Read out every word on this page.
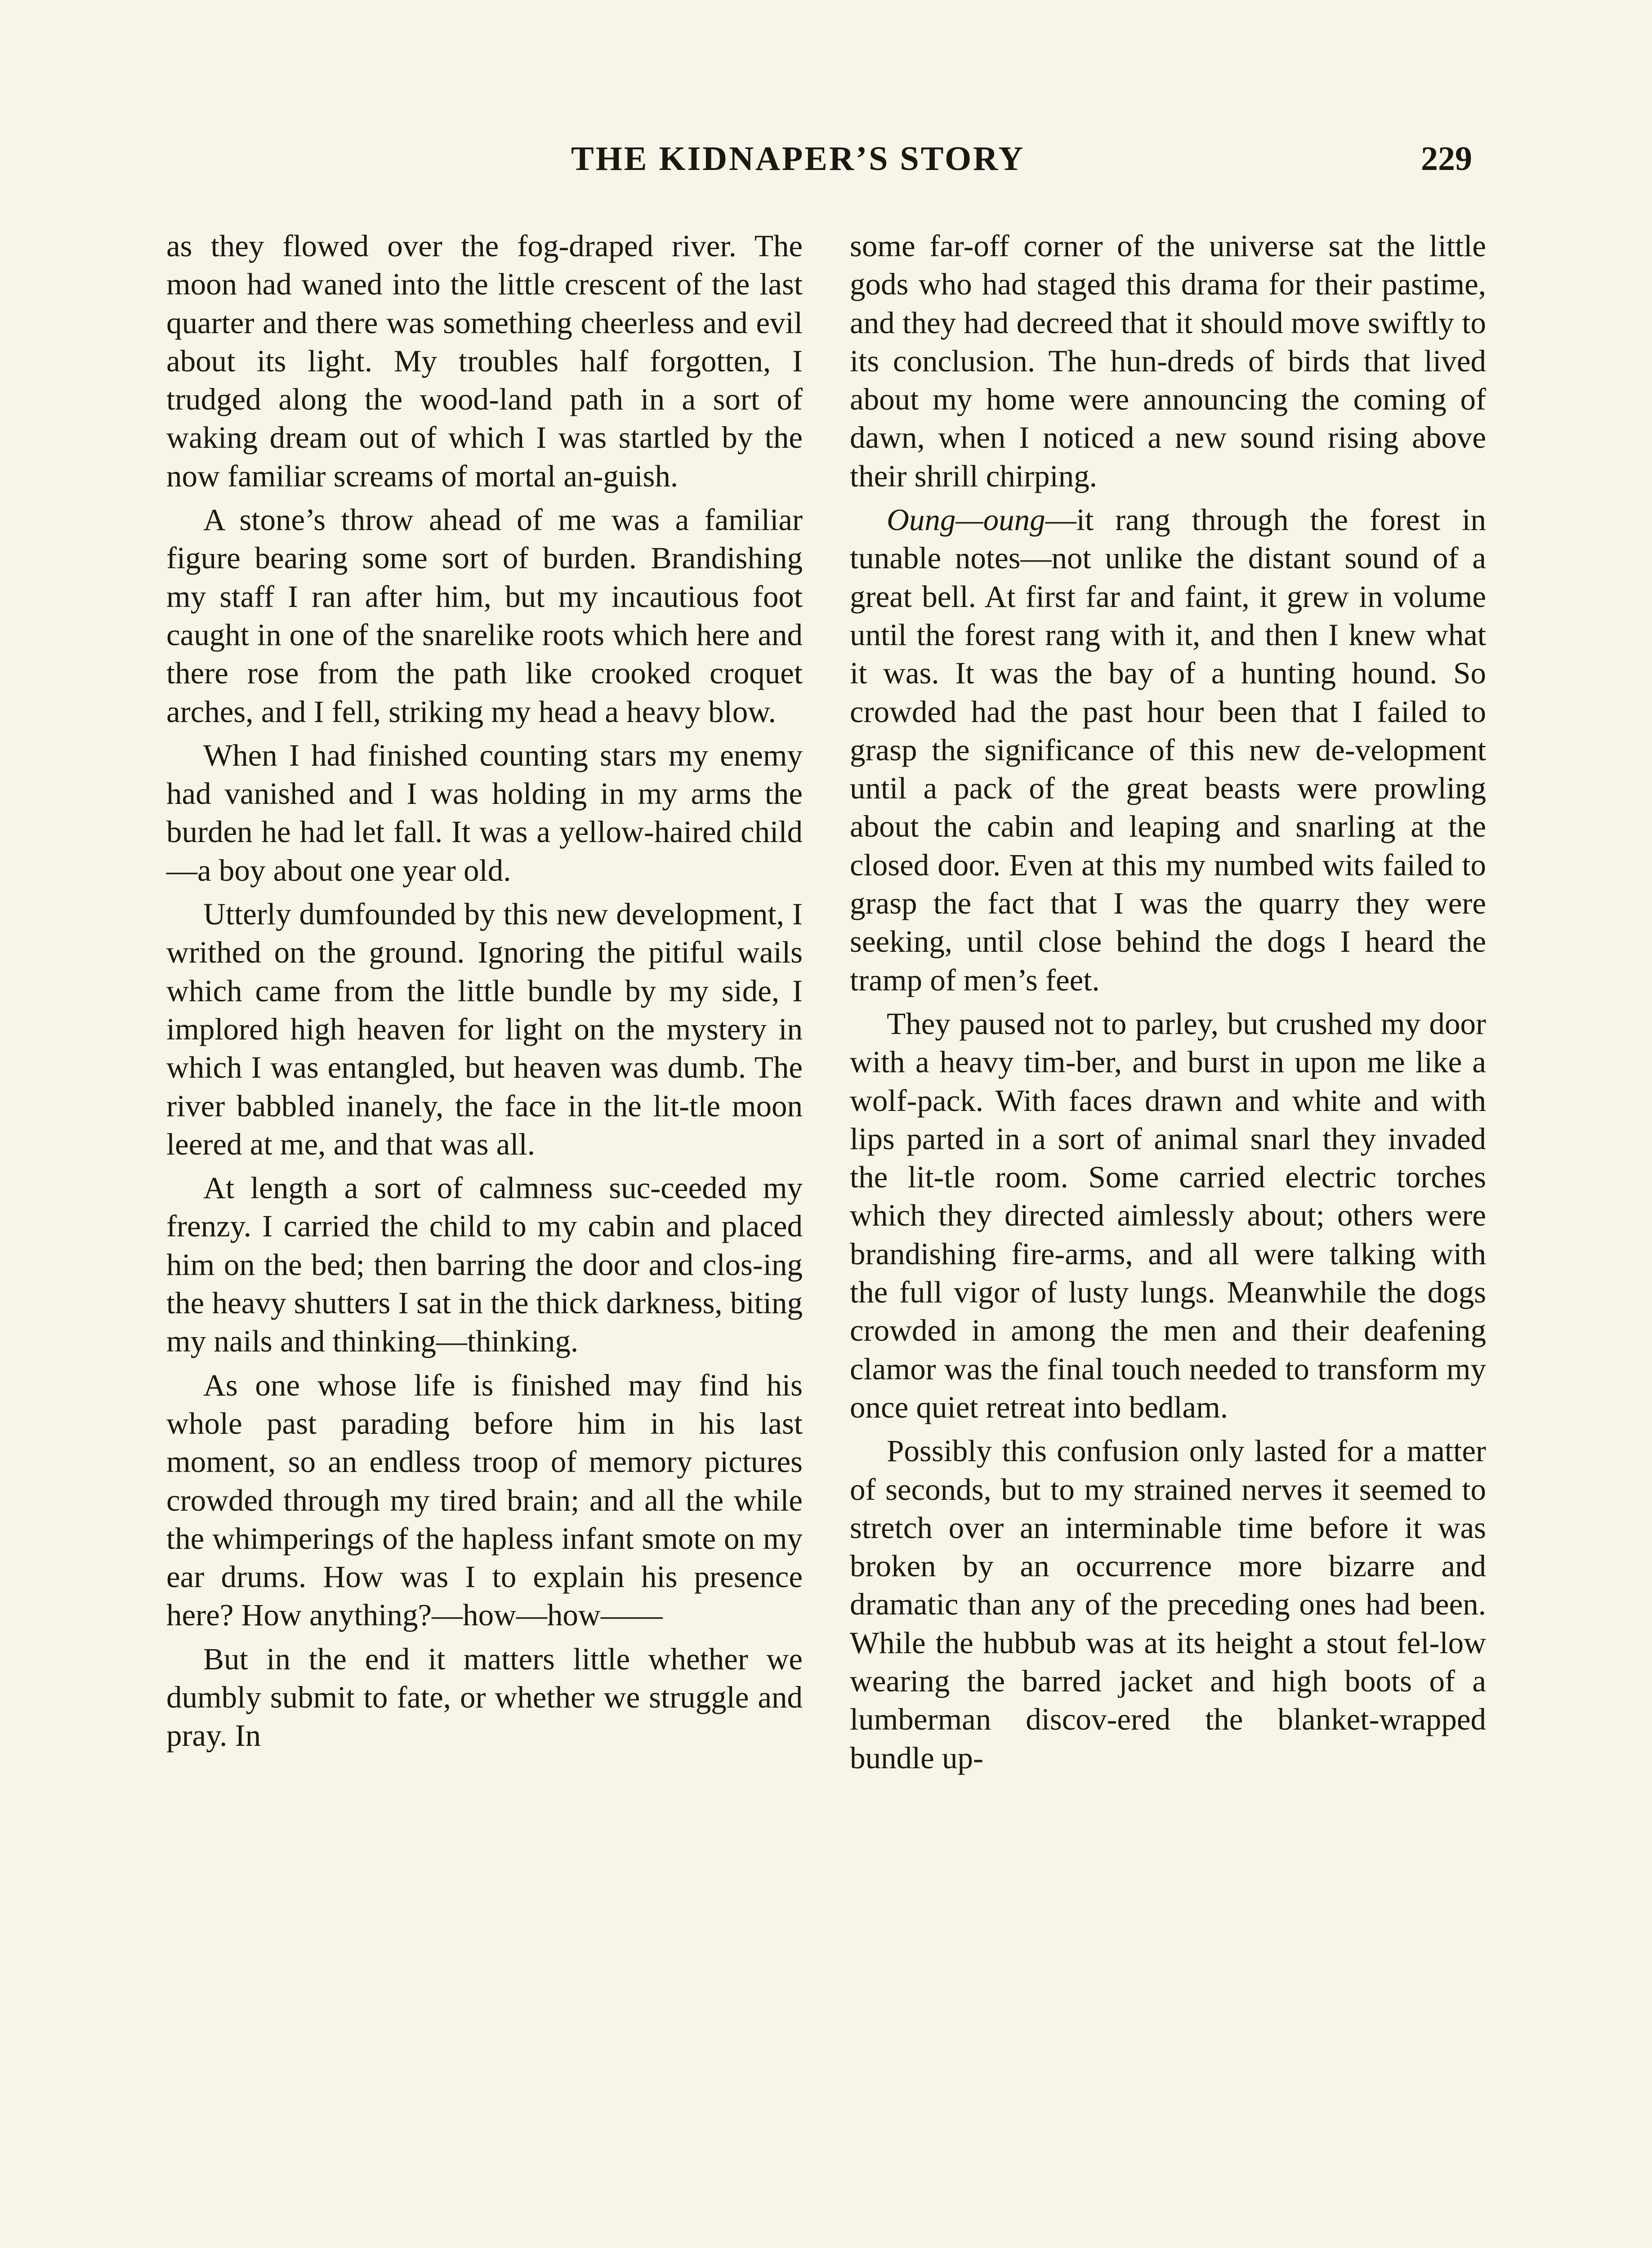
THE KIDNAPER’S STORY	229

as they flowed over the fog-draped river. The moon had waned into the little crescent of the last quarter and there was something cheerless and evil about its light. My troubles half forgotten, I trudged along the wood-land path in a sort of waking dream out of which I was startled by the now familiar screams of mortal an-guish.

A stone’s throw ahead of me was a familiar figure bearing some sort of burden. Brandishing my staff I ran after him, but my incautious foot caught in one of the snarelike roots which here and there rose from the path like crooked croquet arches, and I fell, striking my head a heavy blow.

When I had finished counting stars my enemy had vanished and I was holding in my arms the burden he had let fall. It was a yellow-haired child—a boy about one year old.

Utterly dumfounded by this new development, I writhed on the ground. Ignoring the pitiful wails which came from the little bundle by my side, I implored high heaven for light on the mystery in which I was entangled, but heaven was dumb. The river babbled inanely, the face in the lit-tle moon leered at me, and that was all.

At length a sort of calmness suc-ceeded my frenzy. I carried the child to my cabin and placed him on the bed; then barring the door and clos-ing the heavy shutters I sat in the thick darkness, biting my nails and thinking—thinking.

As one whose life is finished may find his whole past parading before him in his last moment, so an endless troop of memory pictures crowded through my tired brain; and all the while the whimperings of the hapless infant smote on my ear drums. How was I to explain his presence here? How anything?—how—how——

But in the end it matters little whether we dumbly submit to fate, or whether we struggle and pray. In

some far-off corner of the universe sat the little gods who had staged this drama for their pastime, and they had decreed that it should move swiftly to its conclusion. The hun-dreds of birds that lived about my home were announcing the coming of dawn, when I noticed a new sound rising above their shrill chirping.

Oung—oung—it rang through the forest in tunable notes—not unlike the distant sound of a great bell. At first far and faint, it grew in volume until the forest rang with it, and then I knew what it was. It was the bay of a hunting hound. So crowded had the past hour been that I failed to grasp the significance of this new de-velopment until a pack of the great beasts were prowling about the cabin and leaping and snarling at the closed door. Even at this my numbed wits failed to grasp the fact that I was the quarry they were seeking, until close behind the dogs I heard the tramp of men’s feet.

They paused not to parley, but crushed my door with a heavy tim-ber, and burst in upon me like a wolf-pack. With faces drawn and white and with lips parted in a sort of animal snarl they invaded the lit-tle room. Some carried electric torches which they directed aimlessly about; others were brandishing fire-arms, and all were talking with the full vigor of lusty lungs. Meanwhile the dogs crowded in among the men and their deafening clamor was the final touch needed to transform my once quiet retreat into bedlam.

Possibly this confusion only lasted for a matter of seconds, but to my strained nerves it seemed to stretch over an interminable time before it was broken by an occurrence more bizarre and dramatic than any of the preceding ones had been. While the hubbub was at its height a stout fel-low wearing the barred jacket and high boots of a lumberman discov-ered the blanket-wrapped bundle up-
